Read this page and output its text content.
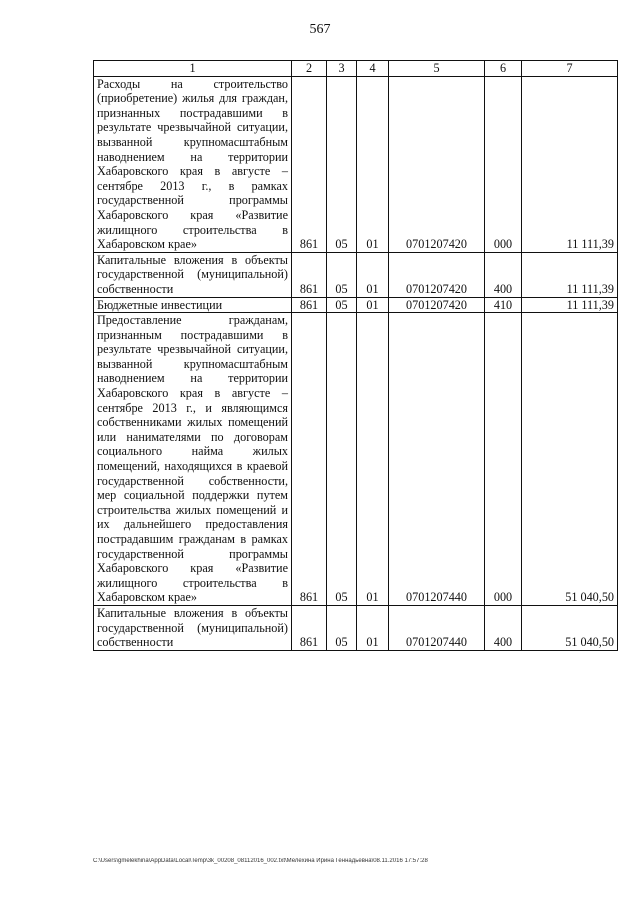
567
1	2	3	4	5	6	7
Расходы на строительство (приобретение) жилья для граждан, признанных пострадавшими в результате чрезвычайной ситуации, вызванной крупномасштабным наводнением на территории Хабаровского края в августе – сентябре 2013 г., в рамках государственной программы Хабаровского края «Развитие жилищного строительства в Хабаровском крае»	861	05	01	0701207420	000	11 111,39
Капитальные вложения в объекты государственной (муниципальной) собственности	861	05	01	0701207420	400	11 111,39
Бюджетные инвестиции	861	05	01	0701207420	410	11 111,39
Предоставление гражданам, признанным пострадавшими в результате чрезвычайной ситуации, вызванной крупномасштабным наводнением на территории Хабаровского края в августе – сентябре 2013 г., и являющимся собственниками жилых помещений или нанимателями по договорам социального найма жилых помещений, находящихся в краевой государственной собственности, мер социальной поддержки путем строительства жилых помещений и их дальнейшего предоставления пострадавшим гражданам в рамках государственной программы Хабаровского края «Развитие жилищного строительства в Хабаровском крае»	861	05	01	0701207440	000	51 040,50
Капитальные вложения в объекты государственной (муниципальной) собственности	861	05	01	0701207440	400	51 040,50
C:\Users\gmelekhina\AppData\Local\Temp\3k_00208_08112016_002.txt\Мелехина Ирина Геннадьевна\08.11.2016 17:57:28
